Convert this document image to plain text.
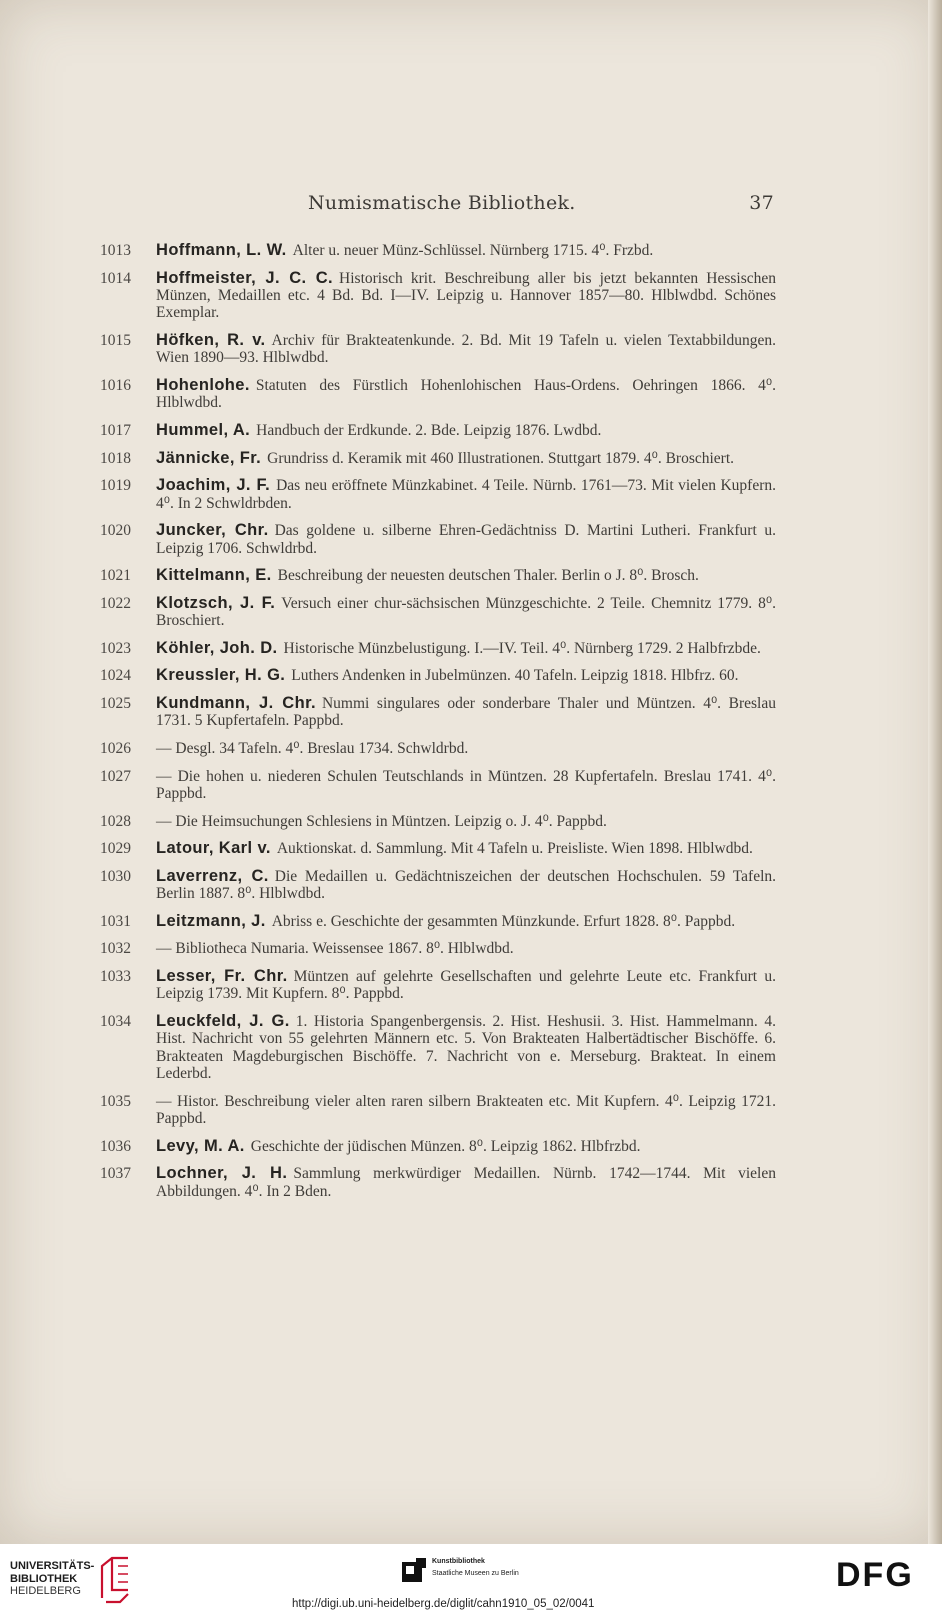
Numismatische Bibliothek.	37
1013	Hoffmann, L. W. Alter u. neuer Münz-Schlüssel. Nürnberg 1715. 4⁰. Frzbd.
1014	Hoffmeister, J. C. C. Historisch krit. Beschreibung aller bis jetzt bekannten Hessischen Münzen, Medaillen etc. 4 Bd. Bd. I—IV. Leipzig u. Hannover 1857—80. Hlblwdbd. Schönes Exemplar.
1015	Höfken, R. v. Archiv für Brakteatenkunde. 2. Bd. Mit 19 Tafeln u. vielen Textabbildungen. Wien 1890—93. Hlblwdbd.
1016	Hohenlohe. Statuten des Fürstlich Hohenlohischen Haus-Ordens. Oehringen 1866. 4⁰. Hlblwdbd.
1017	Hummel, A. Handbuch der Erdkunde. 2. Bde. Leipzig 1876. Lwdbd.
1018	Jännicke, Fr. Grundriss d. Keramik mit 460 Illustrationen. Stuttgart 1879. 4⁰. Broschiert.
1019	Joachim, J. F. Das neu eröffnete Münzkabinet. 4 Teile. Nürnb. 1761—73. Mit vielen Kupfern. 4⁰. In 2 Schwldrbden.
1020	Juncker, Chr. Das goldene u. silberne Ehren-Gedächtniss D. Martini Lutheri. Frankfurt u. Leipzig 1706. Schwldrbd.
1021	Kittelmann, E. Beschreibung der neuesten deutschen Thaler. Berlin o J. 8⁰. Brosch.
1022	Klotzsch, J. F. Versuch einer chur-sächsischen Münzgeschichte. 2 Teile. Chemnitz 1779. 8⁰. Broschiert.
1023	Köhler, Joh. D. Historische Münzbelustigung. I.—IV. Teil. 4⁰. Nürnberg 1729. 2 Halbfrzbde.
1024	Kreussler, H. G. Luthers Andenken in Jubelmünzen. 40 Tafeln. Leipzig 1818. Hlbfrz. 60.
1025	Kundmann, J. Chr. Nummi singulares oder sonderbare Thaler und Müntzen. 4⁰. Breslau 1731. 5 Kupfertafeln. Pappbd.
1026	— Desgl. 34 Tafeln. 4⁰. Breslau 1734. Schwldrbd.
1027	— Die hohen u. niederen Schulen Teutschlands in Müntzen. 28 Kupfertafeln. Breslau 1741. 4⁰. Pappbd.
1028	— Die Heimsuchungen Schlesiens in Müntzen. Leipzig o. J. 4⁰. Pappbd.
1029	Latour, Karl v. Auktionskat. d. Sammlung. Mit 4 Tafeln u. Preisliste. Wien 1898. Hlblwdbd.
1030	Laverrenz, C. Die Medaillen u. Gedächtniszeichen der deutschen Hochschulen. 59 Tafeln. Berlin 1887. 8⁰. Hlblwdbd.
1031	Leitzmann, J. Abriss e. Geschichte der gesammten Münzkunde. Erfurt 1828. 8⁰. Pappbd.
1032	— Bibliotheca Numaria. Weissensee 1867. 8⁰. Hlblwdbd.
1033	Lesser, Fr. Chr. Müntzen auf gelehrte Gesellschaften und gelehrte Leute etc. Frankfurt u. Leipzig 1739. Mit Kupfern. 8⁰. Pappbd.
1034	Leuckfeld, J. G. 1. Historia Spangenbergensis. 2. Hist. Heshusii. 3. Hist. Hammelmann. 4. Hist. Nachricht von 55 gelehrten Männern etc. 5. Von Brakteaten Halbertädtischer Bischöffe. 6. Brakteaten Magdeburgischen Bischöffe. 7. Nachricht von e. Merseburg. Brakteat. In einem Lederbd.
1035	— Histor. Beschreibung vieler alten raren silbern Brakteaten etc. Mit Kupfern. 4⁰. Leipzig 1721. Pappbd.
1036	Levy, M. A. Geschichte der jüdischen Münzen. 8⁰. Leipzig 1862. Hlbfrzbd.
1037	Lochner, J. H. Sammlung merkwürdiger Medaillen. Nürnb. 1742—1744. Mit vielen Abbildungen. 4⁰. In 2 Bden.
UNIVERSITÄTS-
BIBLIOTHEK
HEIDELBERG
Kunstbibliothek
Staatliche Museen zu Berlin
http://digi.ub.uni-heidelberg.de/diglit/cahn1910_05_02/0041
DFG
